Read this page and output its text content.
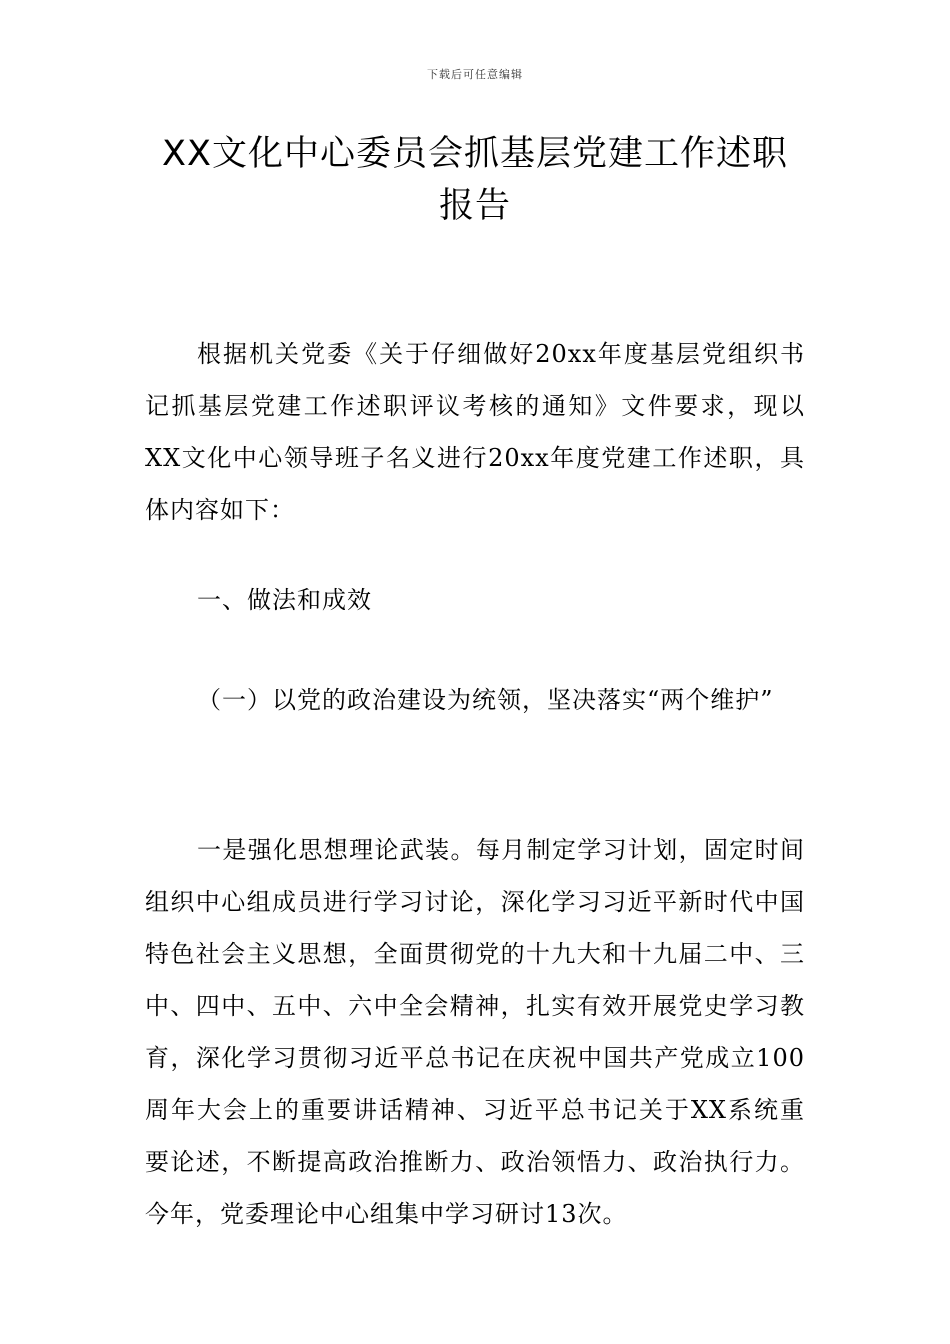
下载后可任意编辑
XX文化中心委员会抓基层党建工作述职报告

根据机关党委《关于仔细做好20xx年度基层党组织书记抓基层党建工作述职评议考核的通知》文件要求，现以XX文化中心领导班子名义进行20xx年度党建工作述职，具体内容如下：

一、做法和成效

（一）以党的政治建设为统领，坚决落实“两个维护”

一是强化思想理论武装。每月制定学习计划，固定时间组织中心组成员进行学习讨论，深化学习习近平新时代中国特色社会主义思想，全面贯彻党的十九大和十九届二中、三中、四中、五中、六中全会精神，扎实有效开展党史学习教育，深化学习贯彻习近平总书记在庆祝中国共产党成立100周年大会上的重要讲话精神、习近平总书记关于XX系统重要论述，不断提高政治推断力、政治领悟力、政治执行力。今年，党委理论中心组集中学习研讨13次。
